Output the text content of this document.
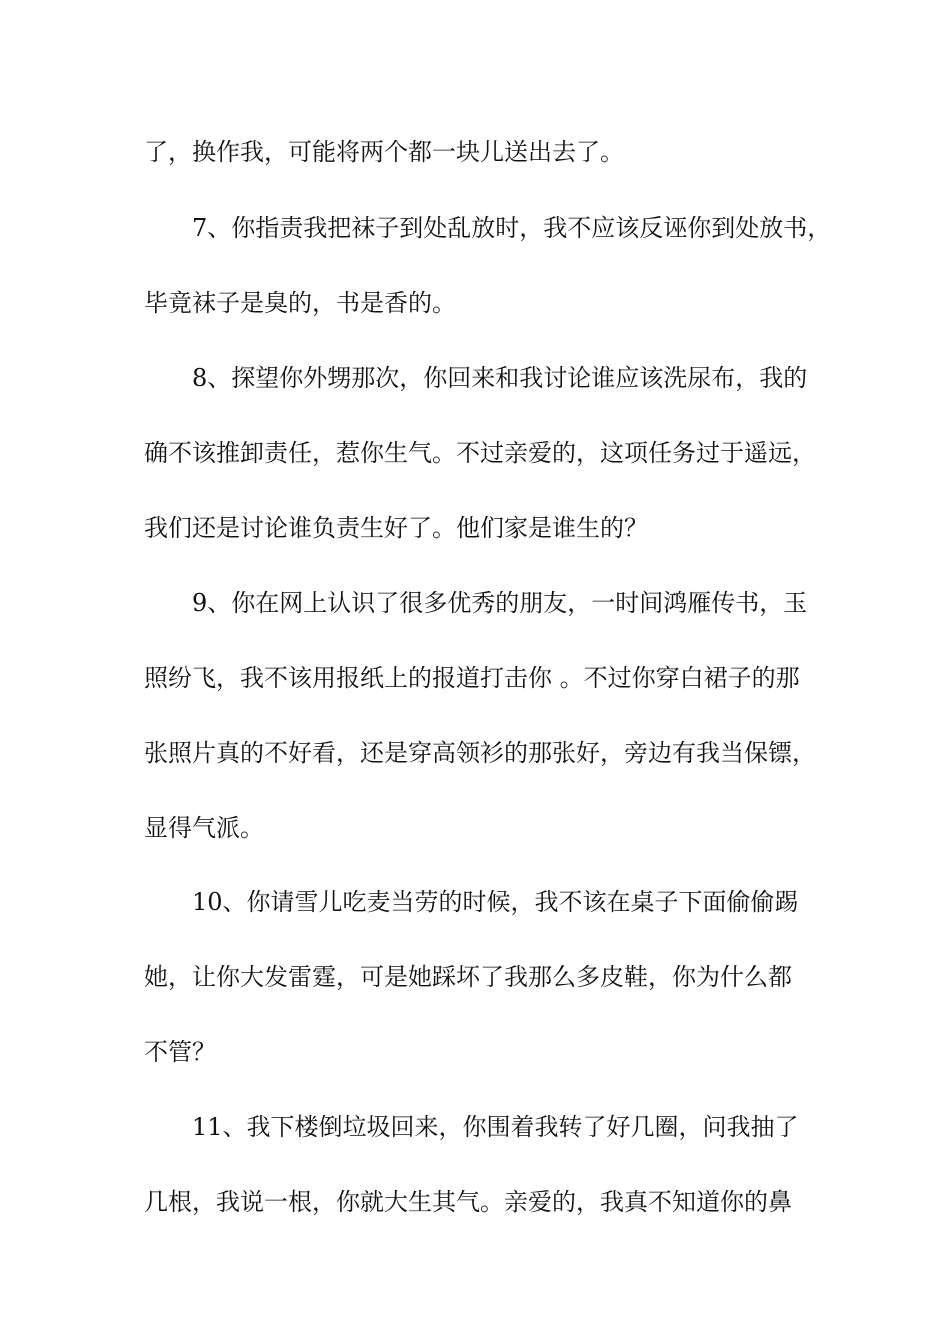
了，换作我，可能将两个都一块儿送出去了。
7、你指责我把袜子到处乱放时，我不应该反诬你到处放书，
毕竟袜子是臭的，书是香的。
8、探望你外甥那次，你回来和我讨论谁应该洗尿布，我的
确不该推卸责任，惹你生气。不过亲爱的，这项任务过于遥远，
我们还是讨论谁负责生好了。他们家是谁生的？
9、你在网上认识了很多优秀的朋友，一时间鸿雁传书，玉
照纷飞，我不该用报纸上的报道打击你 。不过你穿白裙子的那
张照片真的不好看，还是穿高领衫的那张好，旁边有我当保镖，
显得气派。
10、你请雪儿吃麦当劳的时候，我不该在桌子下面偷偷踢
她，让你大发雷霆，可是她踩坏了我那么多皮鞋，你为什么都
不管？
11、我下楼倒垃圾回来，你围着我转了好几圈，问我抽了
几根，我说一根，你就大生其气。亲爱的，我真不知道你的鼻
